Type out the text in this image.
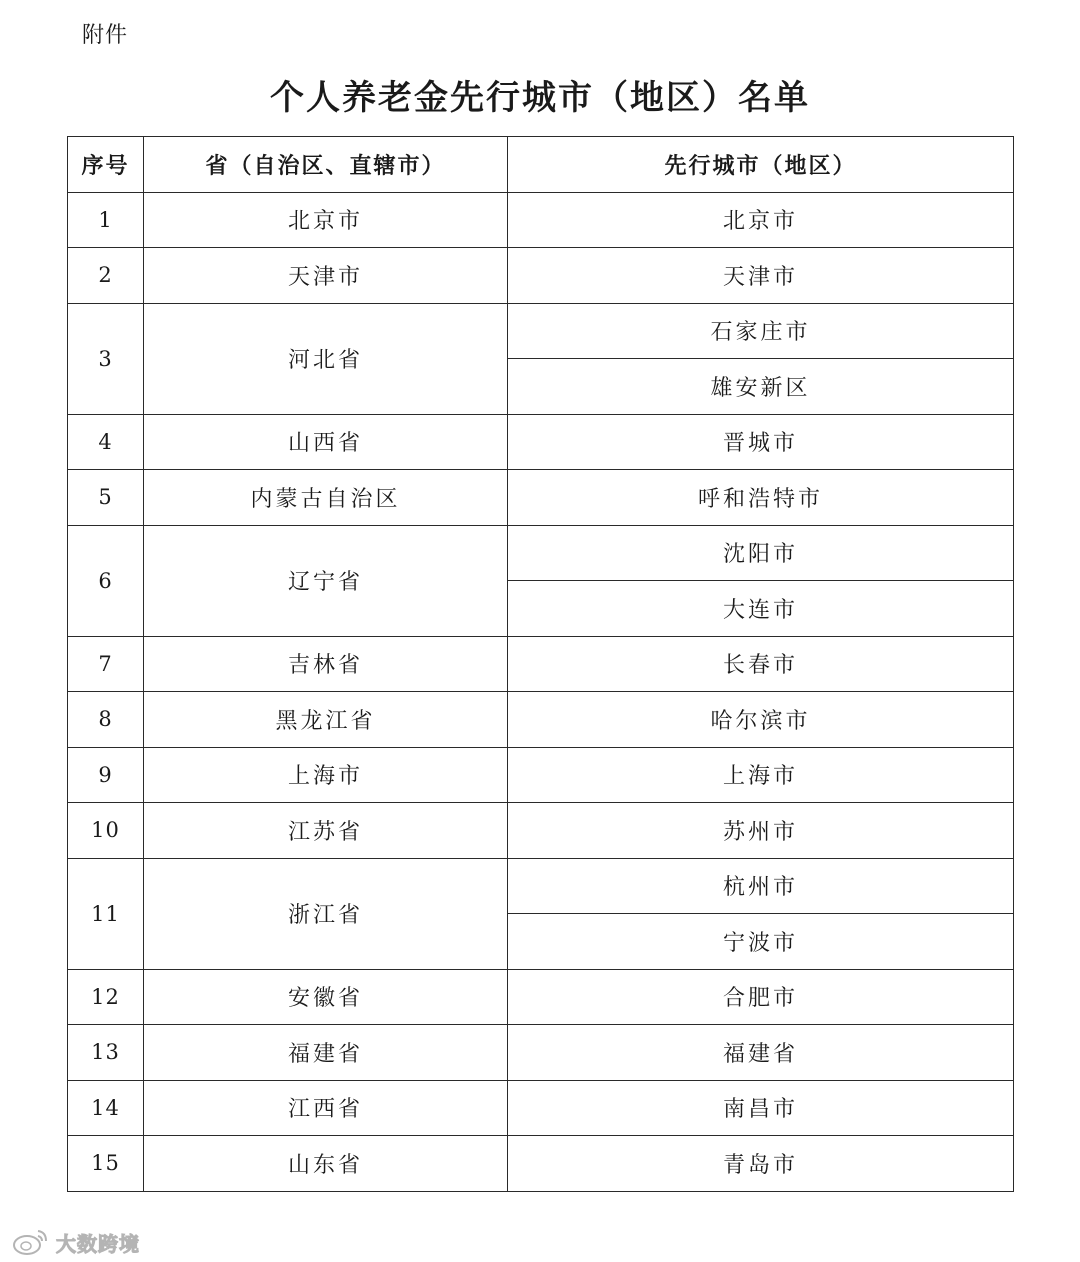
附件
个人养老金先行城市（地区）名单
序号	省（自治区、直辖市）	先行城市（地区）
1	北京市	北京市
2	天津市	天津市
3	河北省	石家庄市
		雄安新区
4	山西省	晋城市
5	内蒙古自治区	呼和浩特市
6	辽宁省	沈阳市
		大连市
7	吉林省	长春市
8	黑龙江省	哈尔滨市
9	上海市	上海市
10	江苏省	苏州市
11	浙江省	杭州市
		宁波市
12	安徽省	合肥市
13	福建省	福建省
14	江西省	南昌市
15	山东省	青岛市
大数跨境
